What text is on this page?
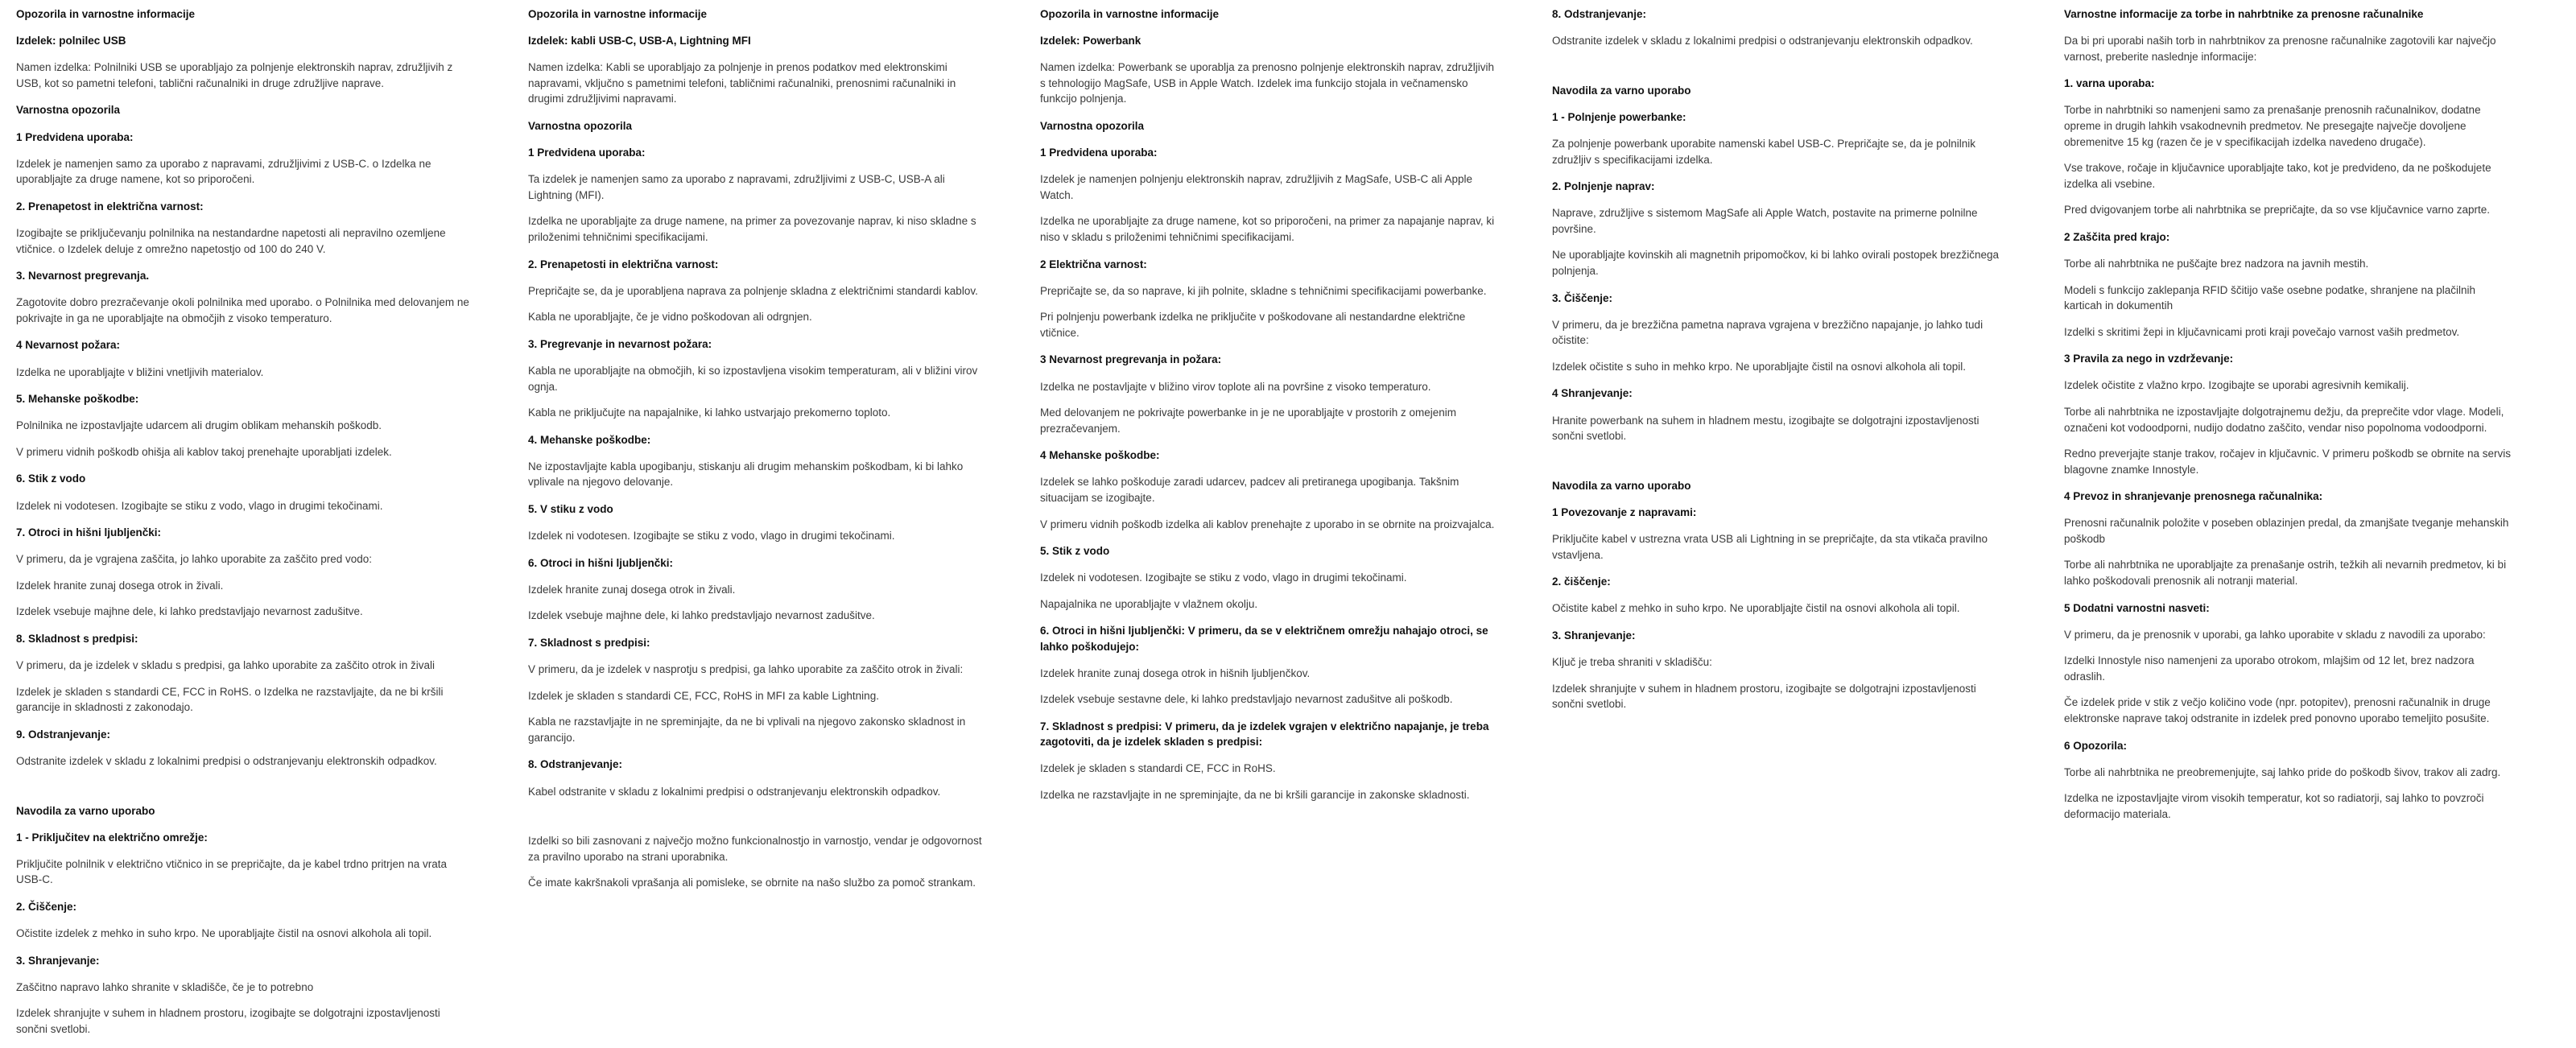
Opozorila in varnostne informacije
Izdelek: polnilec USB

Namen izdelka: Polnilniki USB se uporabljajo za polnjenje elektronskih naprav, združljivih z USB, kot so pametni telefoni, tablični računalniki in druge združljive naprave.

Varnostna opozorila
1 Predvidena uporaba:

Izdelek je namenjen samo za uporabo z napravami, združljivimi z USB-C. o Izdelka ne uporabljajte za druge namene, kot so priporočeni.

2. Prenapetost in električna varnost:

Izogibajte se priključevanju polnilnika na nestandardne napetosti ali nepravilno ozemljene vtičnice. o Izdelek deluje z omrežno napetostjo od 100 do 240 V.

3. Nevarnost pregrevanja.

Zagotovite dobro prezračevanje okoli polnilnika med uporabo. o Polnilnika med delovanjem ne pokrivajte in ga ne uporabljajte na območjih z visoko temperaturo.

4 Nevarnost požara:

Izdelka ne uporabljajte v bližini vnetljivih materialov.

5. Mehanske poškodbe:

Polnilnika ne izpostavljajte udarcem ali drugim oblikam mehanskih poškodb.

V primeru vidnih poškodb ohišja ali kablov takoj prenehajte uporabljati izdelek.

6. Stik z vodo

Izdelek ni vodotesen. Izogibajte se stiku z vodo, vlago in drugimi tekočinami.

7. Otroci in hišni ljubljenčki:

V primeru, da je vgrajena zaščita, jo lahko uporabite za zaščito pred vodo:

Izdelek hranite zunaj dosega otrok in živali.

Izdelek vsebuje majhne dele, ki lahko predstavljajo nevarnost zadušitve.

8. Skladnost s predpisi:

V primeru, da je izdelek v skladu s predpisi, ga lahko uporabite za zaščito otrok in živali

Izdelek je skladen s standardi CE, FCC in RoHS. o Izdelka ne razstavljajte, da ne bi kršili garancije in skladnosti z zakonodajo.

9. Odstranjevanje:

Odstranite izdelek v skladu z lokalnimi predpisi o odstranjevanju elektronskih odpadkov.

Navodila za varno uporabo
1 - Priključitev na električno omrežje:

Priključite polnilnik v električno vtičnico in se prepričajte, da je kabel trdno pritrjen na vrata USB-C.

2. Čiščenje:

Očistite izdelek z mehko in suho krpo. Ne uporabljajte čistil na osnovi alkohola ali topil.

3. Shranjevanje:

Zaščitno napravo lahko shranite v skladišče, če je to potrebno

Izdelek shranjujte v suhem in hladnem prostoru, izogibajte se dolgotrajni izpostavljenosti sončni svetlobi.

Opozorila in varnostne informacije
Izdelek: kabli USB-C, USB-A, Lightning MFI

Namen izdelka: Kabli se uporabljajo za polnjenje in prenos podatkov med elektronskimi napravami, vključno s pametnimi telefoni, tabličnimi računalniki, prenosnimi računalniki in drugimi združljivimi napravami.

Varnostna opozorila
1 Predvidena uporaba:

Ta izdelek je namenjen samo za uporabo z napravami, združljivimi z USB-C, USB-A ali Lightning (MFI).

Izdelka ne uporabljajte za druge namene, na primer za povezovanje naprav, ki niso skladne s priloženimi tehničnimi specifikacijami.

2. Prenapetosti in električna varnost:

Prepričajte se, da je uporabljena naprava za polnjenje skladna z električnimi standardi kablov.

Kabla ne uporabljajte, če je vidno poškodovan ali odrgnjen.

3. Pregrevanje in nevarnost požara:

Kabla ne uporabljajte na območjih, ki so izpostavljena visokim temperaturam, ali v bližini virov ognja.

Kabla ne priključujte na napajalnike, ki lahko ustvarjajo prekomerno toploto.

4. Mehanske poškodbe:

Ne izpostavljajte kabla upogibanju, stiskanju ali drugim mehanskim poškodbam, ki bi lahko vplivale na njegovo delovanje.

5. V stiku z vodo

Izdelek ni vodotesen. Izogibajte se stiku z vodo, vlago in drugimi tekočinami.

6. Otroci in hišni ljubljenčki:

Izdelek hranite zunaj dosega otrok in živali.

Izdelek vsebuje majhne dele, ki lahko predstavljajo nevarnost zadušitve.

7. Skladnost s predpisi:

V primeru, da je izdelek v nasprotju s predpisi, ga lahko uporabite za zaščito otrok in živali:

Izdelek je skladen s standardi CE, FCC, RoHS in MFI za kable Lightning.

Kabla ne razstavljajte in ne spreminjajte, da ne bi vplivali na njegovo zakonsko skladnost in garancijo.

8. Odstranjevanje:

Kabel odstranite v skladu z lokalnimi predpisi o odstranjevanju elektronskih odpadkov.

Izdelki so bili zasnovani z največjo možno funkcionalnostjo in varnostjo, vendar je odgovornost za pravilno uporabo na strani uporabnika.

Če imate kakršnakoli vprašanja ali pomisleke, se obrnite na našo službo za pomoč strankam.

Opozorila in varnostne informacije
Izdelek: Powerbank

Namen izdelka: Powerbank se uporablja za prenosno polnjenje elektronskih naprav, združljivih s tehnologijo MagSafe, USB in Apple Watch. Izdelek ima funkcijo stojala in večnamensko funkcijo polnjenja.

Varnostna opozorila
1 Predvidena uporaba:

Izdelek je namenjen polnjenju elektronskih naprav, združljivih z MagSafe, USB-C ali Apple Watch.

Izdelka ne uporabljajte za druge namene, kot so priporočeni, na primer za napajanje naprav, ki niso v skladu s priloženimi tehničnimi specifikacijami.

2 Električna varnost:

Prepričajte se, da so naprave, ki jih polnite, skladne s tehničnimi specifikacijami powerbanke.

Pri polnjenju powerbank izdelka ne priključite v poškodovane ali nestandardne električne vtičnice.

3 Nevarnost pregrevanja in požara:

Izdelka ne postavljajte v bližino virov toplote ali na površine z visoko temperaturo.

Med delovanjem ne pokrivajte powerbanke in je ne uporabljajte v prostorih z omejenim prezračevanjem.

4 Mehanske poškodbe:

Izdelek se lahko poškoduje zaradi udarcev, padcev ali pretiranega upogibanja. Takšnim situacijam se izogibajte.

V primeru vidnih poškodb izdelka ali kablov prenehajte z uporabo in se obrnite na proizvajalca.

5. Stik z vodo

Izdelek ni vodotesen. Izogibajte se stiku z vodo, vlago in drugimi tekočinami.

Napajalnika ne uporabljajte v vlažnem okolju.

6. Otroci in hišni ljubljenčki: V primeru, da se v električnem omrežju nahajajo otroci, se lahko poškodujejo:

Izdelek hranite zunaj dosega otrok in hišnih ljubljenčkov.

Izdelek vsebuje sestavne dele, ki lahko predstavljajo nevarnost zadušitve ali poškodb.

7. Skladnost s predpisi: V primeru, da je izdelek vgrajen v električno napajanje, je treba zagotoviti, da je izdelek skladen s predpisi:

Izdelek je skladen s standardi CE, FCC in RoHS.

Izdelka ne razstavljajte in ne spreminjajte, da ne bi kršili garancije in zakonske skladnosti.

8. Odstranjevanje:

Odstranite izdelek v skladu z lokalnimi predpisi o odstranjevanju elektronskih odpadkov.

Navodila za varno uporabo
1 - Polnjenje powerbanke:

Za polnjenje powerbank uporabite namenski kabel USB-C. Prepričajte se, da je polnilnik združljiv s specifikacijami izdelka.

2. Polnjenje naprav:

Naprave, združljive s sistemom MagSafe ali Apple Watch, postavite na primerne polnilne površine.

Ne uporabljajte kovinskih ali magnetnih pripomočkov, ki bi lahko ovirali postopek brezžičnega polnjenja.

3. Čiščenje:

V primeru, da je brezžična pametna naprava vgrajena v brezžično napajanje, jo lahko tudi očistite:

Izdelek očistite s suho in mehko krpo. Ne uporabljajte čistil na osnovi alkohola ali topil.

4 Shranjevanje:

Hranite powerbank na suhem in hladnem mestu, izogibajte se dolgotrajni izpostavljenosti sončni svetlobi.

Navodila za varno uporabo
1 Povezovanje z napravami:

Priključite kabel v ustrezna vrata USB ali Lightning in se prepričajte, da sta vtikača pravilno vstavljena.

2. čiščenje:

Očistite kabel z mehko in suho krpo. Ne uporabljajte čistil na osnovi alkohola ali topil.

3. Shranjevanje:

Ključ je treba shraniti v skladišču:

Izdelek shranjujte v suhem in hladnem prostoru, izogibajte se dolgotrajni izpostavljenosti sončni svetlobi.

Varnostne informacije za torbe in nahrbtnike za prenosne računalnike

Da bi pri uporabi naših torb in nahrbtnikov za prenosne računalnike zagotovili kar največjo varnost, preberite naslednje informacije:

1. varna uporaba:

Torbe in nahrbtniki so namenjeni samo za prenašanje prenosnih računalnikov, dodatne opreme in drugih lahkih vsakodnevnih predmetov. Ne presegajte največje dovoljene obremenitve 15 kg (razen če je v specifikacijah izdelka navedeno drugače).

Vse trakove, ročaje in ključavnice uporabljajte tako, kot je predvideno, da ne poškodujete izdelka ali vsebine.

Pred dvigovanjem torbe ali nahrbtnika se prepričajte, da so vse ključavnice varno zaprte.

2 Zaščita pred krajo:

Torbe ali nahrbtnika ne puščajte brez nadzora na javnih mestih.

Modeli s funkcijo zaklepanja RFID ščitijo vaše osebne podatke, shranjene na plačilnih karticah in dokumentih

Izdelki s skritimi žepi in ključavnicami proti kraji povečajo varnost vaših predmetov.

3 Pravila za nego in vzdrževanje:

Izdelek očistite z vlažno krpo. Izogibajte se uporabi agresivnih kemikalij.

Torbe ali nahrbtnika ne izpostavljajte dolgotrajnemu dežju, da preprečite vdor vlage. Modeli, označeni kot vodoodporni, nudijo dodatno zaščito, vendar niso popolnoma vodoodporni.

Redno preverjajte stanje trakov, ročajev in ključavnic. V primeru poškodb se obrnite na servis blagovne znamke Innostyle.

4 Prevoz in shranjevanje prenosnega računalnika:

Prenosni računalnik položite v poseben oblazinjen predal, da zmanjšate tveganje mehanskih poškodb

Torbe ali nahrbtnika ne uporabljajte za prenašanje ostrih, težkih ali nevarnih predmetov, ki bi lahko poškodovali prenosnik ali notranji material.

5 Dodatni varnostni nasveti:

V primeru, da je prenosnik v uporabi, ga lahko uporabite v skladu z navodili za uporabo:

Izdelki Innostyle niso namenjeni za uporabo otrokom, mlajšim od 12 let, brez nadzora odraslih.

Če izdelek pride v stik z večjo količino vode (npr. potopitev), prenosni računalnik in druge elektronske naprave takoj odstranite in izdelek pred ponovno uporabo temeljito posušite.

6 Opozorila:

Torbe ali nahrbtnika ne preobremenjujte, saj lahko pride do poškodb šivov, trakov ali zadrg.

Izdelka ne izpostavljajte virom visokih temperatur, kot so radiatorji, saj lahko to povzroči deformacijo materiala.
